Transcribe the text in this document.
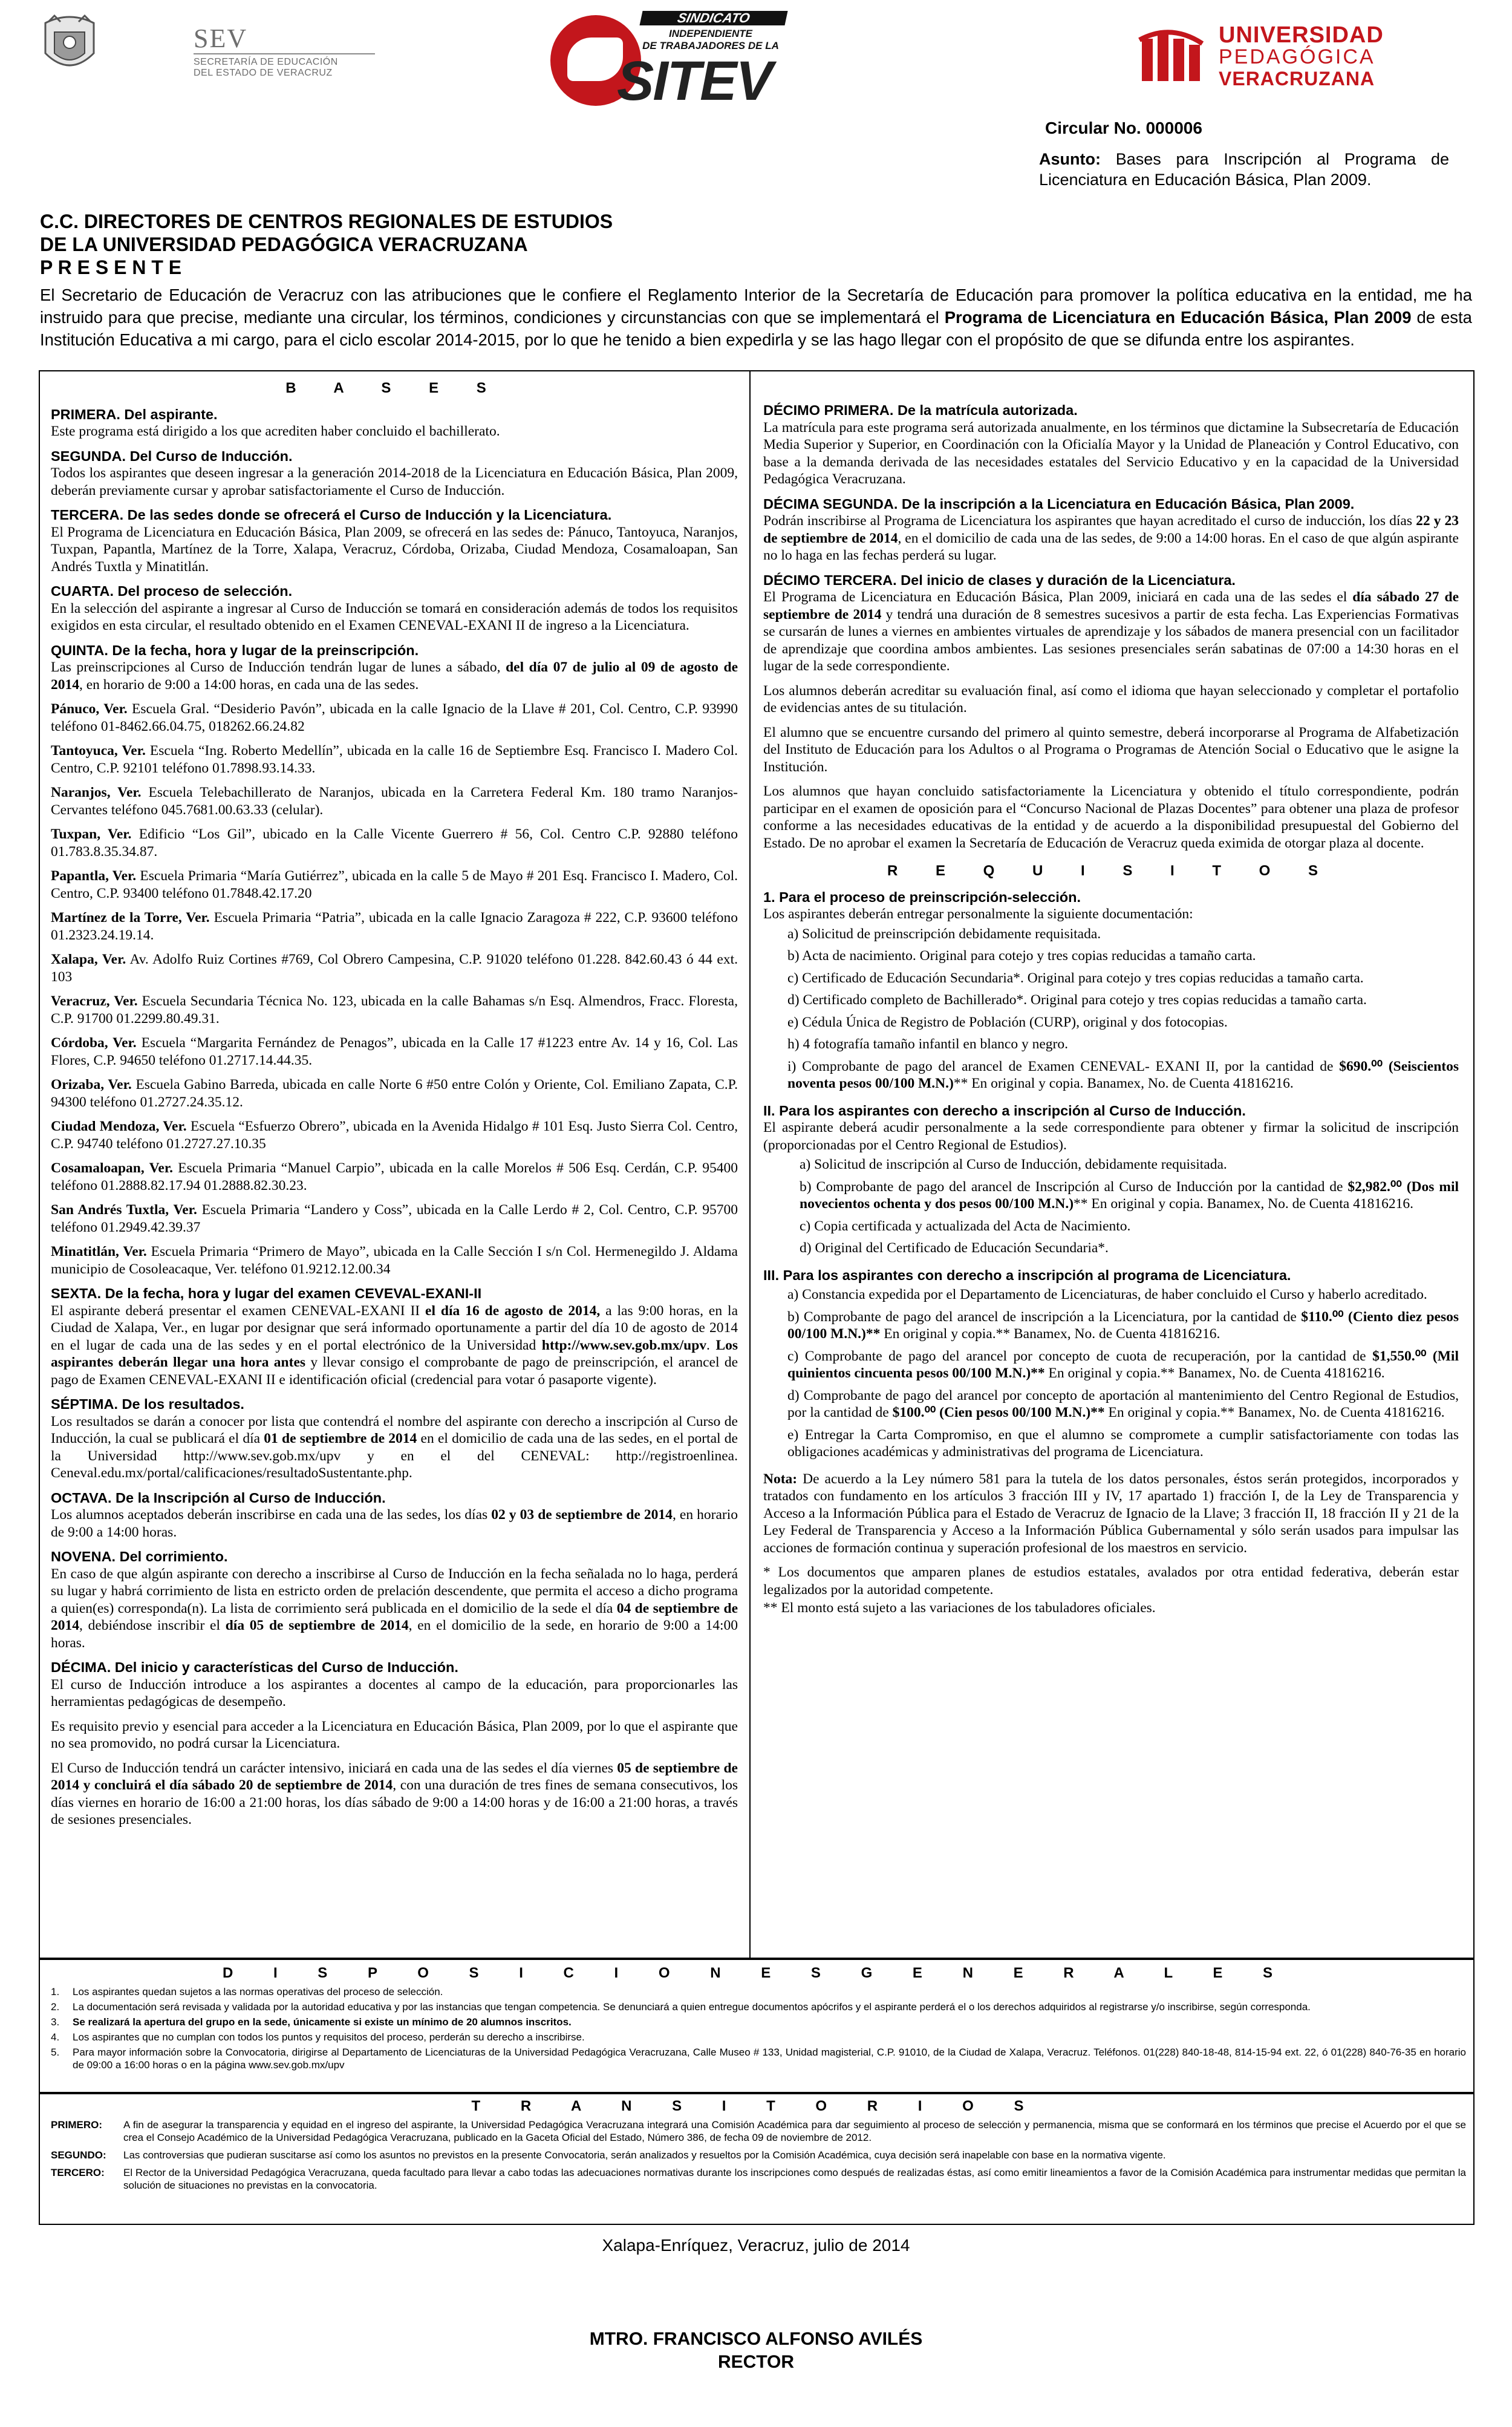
SEV
SECRETARÍA DE EDUCACIÓN
DEL ESTADO DE VERACRUZ
SINDICATO
INDEPENDIENTE
DE TRABAJADORES DE LA
SITEV
UNIVERSIDAD
PEDAGÓGICA
VERACRUZANA
Circular No. 000006
Asunto: Bases para Inscripción al Programa de Licenciatura en Educación Básica, Plan 2009.
C.C. DIRECTORES DE CENTROS REGIONALES DE ESTUDIOS
DE LA UNIVERSIDAD PEDAGÓGICA VERACRUZANA
P R E S E N T E
El Secretario de Educación de Veracruz con las atribuciones que le confiere el Reglamento Interior de la Secretaría de Educación para promover la política educativa en la entidad, me ha instruido para que precise, mediante una circular, los términos, condiciones y circunstancias con que se implementará el Programa de Licenciatura en Educación Básica, Plan 2009 de esta Institución Educativa a mi cargo, para el ciclo escolar 2014-2015, por lo que he tenido a bien expedirla y se las hago llegar con el propósito de que se difunda entre los aspirantes.
B A S E S

PRIMERA. Del aspirante.
Este programa está dirigido a los que acrediten haber concluido el bachillerato.

SEGUNDA. Del Curso de Inducción.
Todos los aspirantes que deseen ingresar a la generación 2014-2018 de la Licenciatura en Educación Básica, Plan 2009, deberán previamente cursar y aprobar satisfactoriamente el Curso de Inducción.

TERCERA. De las sedes donde se ofrecerá el Curso de Inducción y la Licenciatura.
El Programa de Licenciatura en Educación Básica, Plan 2009, se ofrecerá en las sedes de: Pánuco, Tantoyuca, Naranjos, Tuxpan, Papantla, Martínez de la Torre, Xalapa, Veracruz, Córdoba, Orizaba, Ciudad Mendoza, Cosamaloapan, San Andrés Tuxtla y Minatitlán.

CUARTA. Del proceso de selección.
En la selección del aspirante a ingresar al Curso de Inducción se tomará en consideración además de todos los requisitos exigidos en esta circular, el resultado obtenido en el Examen CENEVAL-EXANI II de ingreso a la Licenciatura.

QUINTA. De la fecha, hora y lugar de la preinscripción.
Las preinscripciones al Curso de Inducción tendrán lugar de lunes a sábado, del día 07 de julio al 09 de agosto de 2014, en horario de 9:00 a 14:00 horas, en cada una de las sedes.

Pánuco, Ver. Escuela Gral. “Desiderio Pavón”, ubicada en la calle Ignacio de la Llave # 201, Col. Centro, C.P. 93990 teléfono 01-8462.66.04.75, 018262.66.24.82

Tantoyuca, Ver. Escuela “Ing. Roberto Medellín”, ubicada en la calle 16 de Septiembre Esq. Francisco I. Madero Col. Centro, C.P. 92101 teléfono 01.7898.93.14.33.

Naranjos, Ver. Escuela Telebachillerato de Naranjos, ubicada en la Carretera Federal Km. 180 tramo Naranjos-Cervantes teléfono 045.7681.00.63.33 (celular).

Tuxpan, Ver. Edificio “Los Gil”, ubicado en la Calle Vicente Guerrero # 56, Col. Centro C.P. 92880 teléfono 01.783.8.35.34.87.

Papantla, Ver. Escuela Primaria “María Gutiérrez”, ubicada en la calle 5 de Mayo # 201 Esq. Francisco I. Madero, Col. Centro, C.P. 93400 teléfono 01.7848.42.17.20

Martínez de la Torre, Ver. Escuela Primaria “Patria”, ubicada en la calle Ignacio Zaragoza # 222, C.P. 93600 teléfono 01.2323.24.19.14.

Xalapa, Ver. Av. Adolfo Ruiz Cortines #769, Col Obrero Campesina, C.P. 91020 teléfono 01.228. 842.60.43 ó 44 ext. 103

Veracruz, Ver. Escuela Secundaria Técnica No. 123, ubicada en la calle Bahamas s/n Esq. Almendros, Fracc. Floresta, C.P. 91700 01.2299.80.49.31.

Córdoba, Ver. Escuela “Margarita Fernández de Penagos”, ubicada en la Calle 17 #1223 entre Av. 14 y 16, Col. Las Flores, C.P. 94650 teléfono 01.2717.14.44.35.

Orizaba, Ver. Escuela Gabino Barreda, ubicada en calle Norte 6 #50 entre Colón y Oriente, Col. Emiliano Zapata, C.P. 94300 teléfono 01.2727.24.35.12.

Ciudad Mendoza, Ver. Escuela “Esfuerzo Obrero”, ubicada en la Avenida Hidalgo # 101 Esq. Justo Sierra Col. Centro, C.P. 94740 teléfono 01.2727.27.10.35

Cosamaloapan, Ver. Escuela Primaria “Manuel Carpio”, ubicada en la calle Morelos # 506 Esq. Cerdán, C.P. 95400 teléfono 01.2888.82.17.94 01.2888.82.30.23.

San Andrés Tuxtla, Ver. Escuela Primaria “Landero y Coss”, ubicada en la Calle Lerdo # 2, Col. Centro, C.P. 95700 teléfono 01.2949.42.39.37

Minatitlán, Ver. Escuela Primaria “Primero de Mayo”, ubicada en la Calle Sección I s/n Col. Hermenegildo J. Aldama municipio de Cosoleacaque, Ver. teléfono 01.9212.12.00.34

SEXTA. De la fecha, hora y lugar del examen CEVEVAL-EXANI-II
El aspirante deberá presentar el examen CENEVAL-EXANI II el día 16 de agosto de 2014, a las 9:00 horas, en la Ciudad de Xalapa, Ver., en lugar por designar que será informado oportunamente a partir del día 10 de agosto de 2014 en el lugar de cada una de las sedes y en el portal electrónico de la Universidad http://www.sev.gob.mx/upv. Los aspirantes deberán llegar una hora antes y llevar consigo el comprobante de pago de preinscripción, el arancel de pago de Examen CENEVAL-EXANI II e identificación oficial (credencial para votar ó pasaporte vigente).

SÉPTIMA. De los resultados.
Los resultados se darán a conocer por lista que contendrá el nombre del aspirante con derecho a inscripción al Curso de Inducción, la cual se publicará el día 01 de septiembre de 2014 en el domicilio de cada una de las sedes, en el portal de la Universidad http://www.sev.gob.mx/upv y en el del CENEVAL: http://registroenlinea. Ceneval.edu.mx/portal/calificaciones/resultadoSustentante.php.

OCTAVA. De la Inscripción al Curso de Inducción.
Los alumnos aceptados deberán inscribirse en cada una de las sedes, los días 02 y 03 de septiembre de 2014, en horario de 9:00 a 14:00 horas.

NOVENA. Del corrimiento.
En caso de que algún aspirante con derecho a inscribirse al Curso de Inducción en la fecha señalada no lo haga, perderá su lugar y habrá corrimiento de lista en estricto orden de prelación descendente, que permita el acceso a dicho programa a quien(es) corresponda(n). La lista de corrimiento será publicada en el domicilio de la sede el día 04 de septiembre de 2014, debiéndose inscribir el día 05 de septiembre de 2014, en el domicilio de la sede, en horario de 9:00 a 14:00 horas.

DÉCIMA. Del inicio y características del Curso de Inducción.
El curso de Inducción introduce a los aspirantes a docentes al campo de la educación, para proporcionarles las herramientas pedagógicas de desempeño.

Es requisito previo y esencial para acceder a la Licenciatura en Educación Básica, Plan 2009, por lo que el aspirante que no sea promovido, no podrá cursar la Licenciatura.

El Curso de Inducción tendrá un carácter intensivo, iniciará en cada una de las sedes el día viernes 05 de septiembre de 2014 y concluirá el día sábado 20 de septiembre de 2014, con una duración de tres fines de semana consecutivos, los días viernes en horario de 16:00 a 21:00 horas, los días sábado de 9:00 a 14:00 horas y de 16:00 a 21:00 horas, a través de sesiones presenciales.

DÉCIMO PRIMERA. De la matrícula autorizada.
La matrícula para este programa será autorizada anualmente, en los términos que dictamine la Subsecretaría de Educación Media Superior y Superior, en Coordinación con la Oficialía Mayor y la Unidad de Planeación y Control Educativo, con base a la demanda derivada de las necesidades estatales del Servicio Educativo y en la capacidad de la Universidad Pedagógica Veracruzana.

DÉCIMA SEGUNDA. De la inscripción a la Licenciatura en Educación Básica, Plan 2009.
Podrán inscribirse al Programa de Licenciatura los aspirantes que hayan acreditado el curso de inducción, los días 22 y 23 de septiembre de 2014, en el domicilio de cada una de las sedes, de 9:00 a 14:00 horas. En el caso de que algún aspirante no lo haga en las fechas perderá su lugar.

DÉCIMO TERCERA. Del inicio de clases y duración de la Licenciatura.
El Programa de Licenciatura en Educación Básica, Plan 2009, iniciará en cada una de las sedes el día sábado 27 de septiembre de 2014 y tendrá una duración de 8 semestres sucesivos a partir de esta fecha. Las Experiencias Formativas se cursarán de lunes a viernes en ambientes virtuales de aprendizaje y los sábados de manera presencial con un facilitador de aprendizaje que coordina ambos ambientes. Las sesiones presenciales serán sabatinas de 07:00 a 14:30 horas en el lugar de la sede correspondiente.

Los alumnos deberán acreditar su evaluación final, así como el idioma que hayan seleccionado y completar el portafolio de evidencias antes de su titulación.

El alumno que se encuentre cursando del primero al quinto semestre, deberá incorporarse al Programa de Alfabetización del Instituto de Educación para los Adultos o al Programa o Programas de Atención Social o Educativo que le asigne la Institución.

Los alumnos que hayan concluido satisfactoriamente la Licenciatura y obtenido el título correspondiente, podrán participar en el examen de oposición para el “Concurso Nacional de Plazas Docentes” para obtener una plaza de profesor conforme a las necesidades educativas de la entidad y de acuerdo a la disponibilidad presupuestal del Gobierno del Estado. De no aprobar el examen la Secretaría de Educación de Veracruz queda eximida de otorgar plaza al docente.

R E Q U I S I T O S

1. Para el proceso de preinscripción-selección.
Los aspirantes deberán entregar personalmente la siguiente documentación:

a) Solicitud de preinscripción debidamente requisitada.
b) Acta de nacimiento. Original para cotejo y tres copias reducidas a tamaño carta.
c) Certificado de Educación Secundaria*. Original para cotejo y tres copias reducidas a tamaño carta.
d) Certificado completo de Bachillerado*. Original para cotejo y tres copias reducidas a tamaño carta.
e) Cédula Única de Registro de Población (CURP), original y dos fotocopias.
h) 4 fotografía tamaño infantil en blanco y negro.
i) Comprobante de pago del arancel de Examen CENEVAL- EXANI II, por la cantidad de $690.⁰⁰ (Seiscientos noventa pesos 00/100 M.N.)** En original y copia. Banamex, No. de Cuenta 41816216.

II. Para los aspirantes con derecho a inscripción al Curso de Inducción.
El aspirante deberá acudir personalmente a la sede correspondiente para obtener y firmar la solicitud de inscripción (proporcionadas por el Centro Regional de Estudios).

a) Solicitud de inscripción al Curso de Inducción, debidamente requisitada.
b) Comprobante de pago del arancel de Inscripción al Curso de Inducción por la cantidad de $2,982.⁰⁰ (Dos mil novecientos ochenta y dos pesos 00/100 M.N.)** En original y copia. Banamex, No. de Cuenta 41816216.
c) Copia certificada y actualizada del Acta de Nacimiento.
d) Original del Certificado de Educación Secundaria*.

III. Para los aspirantes con derecho a inscripción al programa de Licenciatura.

a) Constancia expedida por el Departamento de Licenciaturas, de haber concluido el Curso y haberlo acreditado.
b) Comprobante de pago del arancel de inscripción a la Licenciatura, por la cantidad de $110.⁰⁰ (Ciento diez pesos 00/100 M.N.)** En original y copia.** Banamex, No. de Cuenta 41816216.
c) Comprobante de pago del arancel por concepto de cuota de recuperación, por la cantidad de $1,550.⁰⁰ (Mil quinientos cincuenta pesos 00/100 M.N.)** En original y copia.** Banamex, No. de Cuenta 41816216.
d) Comprobante de pago del arancel por concepto de aportación al mantenimiento del Centro Regional de Estudios, por la cantidad de $100.⁰⁰ (Cien pesos 00/100 M.N.)** En original y copia.** Banamex, No. de Cuenta 41816216.
e) Entregar la Carta Compromiso, en que el alumno se compromete a cumplir satisfactoriamente con todas las obligaciones académicas y administrativas del programa de Licenciatura.

Nota: De acuerdo a la Ley número 581 para la tutela de los datos personales, éstos serán protegidos, incorporados y tratados con fundamento en los artículos 3 fracción III y IV, 17 apartado 1) fracción I, de la Ley de Transparencia y Acceso a la Información Pública para el Estado de Veracruz de Ignacio de la Llave; 3 fracción II, 18 fracción II y 21 de la Ley Federal de Transparencia y Acceso a la Información Pública Gubernamental y sólo serán usados para impulsar las acciones de formación continua y superación profesional de los maestros en servicio.

* Los documentos que amparen planes de estudios estatales, avalados por otra entidad federativa, deberán estar legalizados por la autoridad competente.

** El monto está sujeto a las variaciones de los tabuladores oficiales.

D I S P O S I C I O N E S G E N E R A L E S
1.	Los aspirantes quedan sujetos a las normas operativas del proceso de selección.
2.	La documentación será revisada y validada por la autoridad educativa y por las instancias que tengan competencia. Se denunciará a quien entregue documentos apócrifos y el aspirante perderá el o los derechos adquiridos al registrarse y/o inscribirse, según corresponda.
3.	Se realizará la apertura del grupo en la sede, únicamente si existe un mínimo de 20 alumnos inscritos.
4.	Los aspirantes que no cumplan con todos los puntos y requisitos del proceso, perderán su derecho a inscribirse.
5.	Para mayor información sobre la Convocatoria, dirigirse al Departamento de Licenciaturas de la Universidad Pedagógica Veracruzana, Calle Museo # 133, Unidad magisterial, C.P. 91010, de la Ciudad de Xalapa, Veracruz. Teléfonos. 01(228) 840-18-48, 814-15-94 ext. 22, ó 01(228) 840-76-35 en horario de 09:00 a 16:00 horas o en la página www.sev.gob.mx/upv
T R A N S I T O R I O S
PRIMERO:	A fin de asegurar la transparencia y equidad en el ingreso del aspirante, la Universidad Pedagógica Veracruzana integrará una Comisión Académica para dar seguimiento al proceso de selección y permanencia, misma que se conformará en los términos que precise el Acuerdo por el que se crea el Consejo Académico de la Universidad Pedagógica Veracruzana, publicado en la Gaceta Oficial del Estado, Número 386, de fecha 09 de noviembre de 2012.
SEGUNDO:	Las controversias que pudieran suscitarse así como los asuntos no previstos en la presente Convocatoria, serán analizados y resueltos por la Comisión Académica, cuya decisión será inapelable con base en la normativa vigente.
TERCERO:	El Rector de la Universidad Pedagógica Veracruzana, queda facultado para llevar a cabo todas las adecuaciones normativas durante los inscripciones como después de realizadas éstas, así como emitir lineamientos a favor de la Comisión Académica para instrumentar medidas que permitan la solución de situaciones no previstas en la convocatoria.
Xalapa-Enríquez, Veracruz, julio de 2014
MTRO. FRANCISCO ALFONSO AVILÉS
RECTOR
